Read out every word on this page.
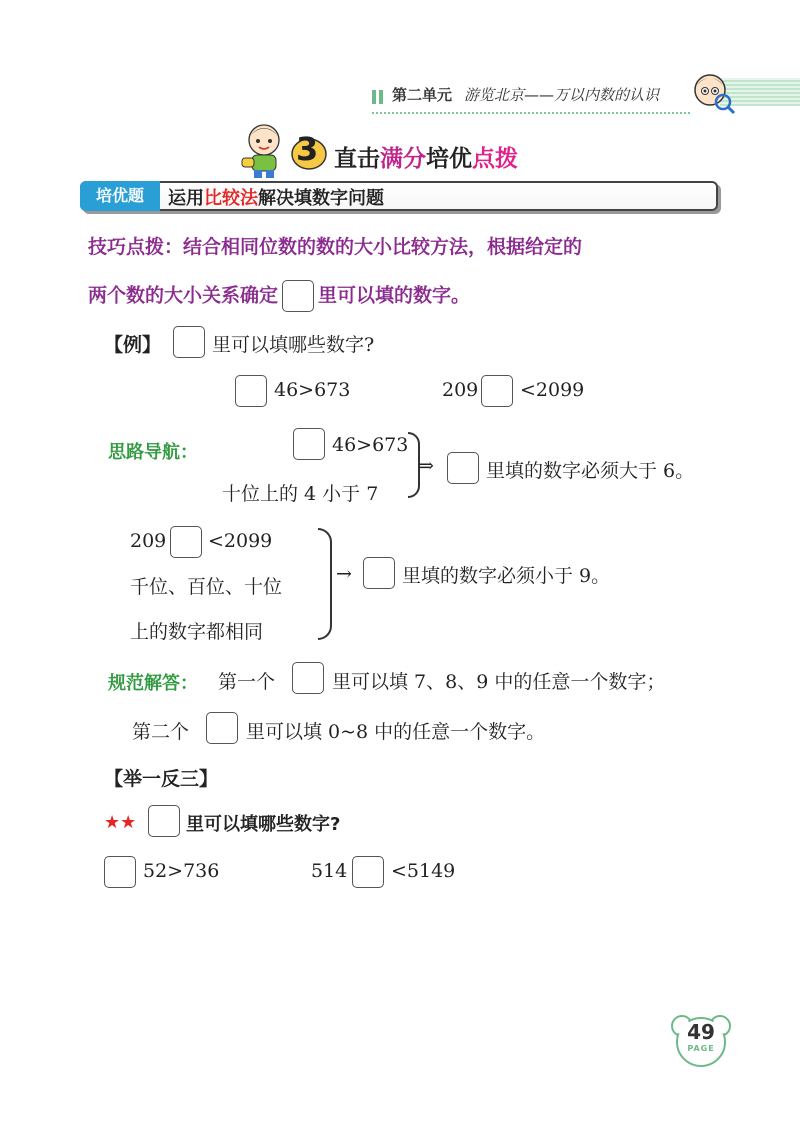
第二单元 游览北京——万以内数的认识
3 直击满分培优点拨
培优题	运用比较法解决填数字问题
技巧点拨：结合相同位数的数的大小比较方法，根据给定的
两个数的大小关系确定 里可以填的数字。
【例】	里可以填哪些数字?
46>673	209 <2099
思路导航：	46>673
十位上的 4 小于 7
⇒	里填的数字必须大于 6。
209 <2099
千位、百位、十位
上的数字都相同
→	里填的数字必须小于 9。
规范解答： 第一个	里可以填 7、8、9 中的任意一个数字；
第二个	里可以填 0~8 中的任意一个数字。
【举一反三】
★★	里可以填哪些数字?
52>736	514 <5149
49
PAGE
